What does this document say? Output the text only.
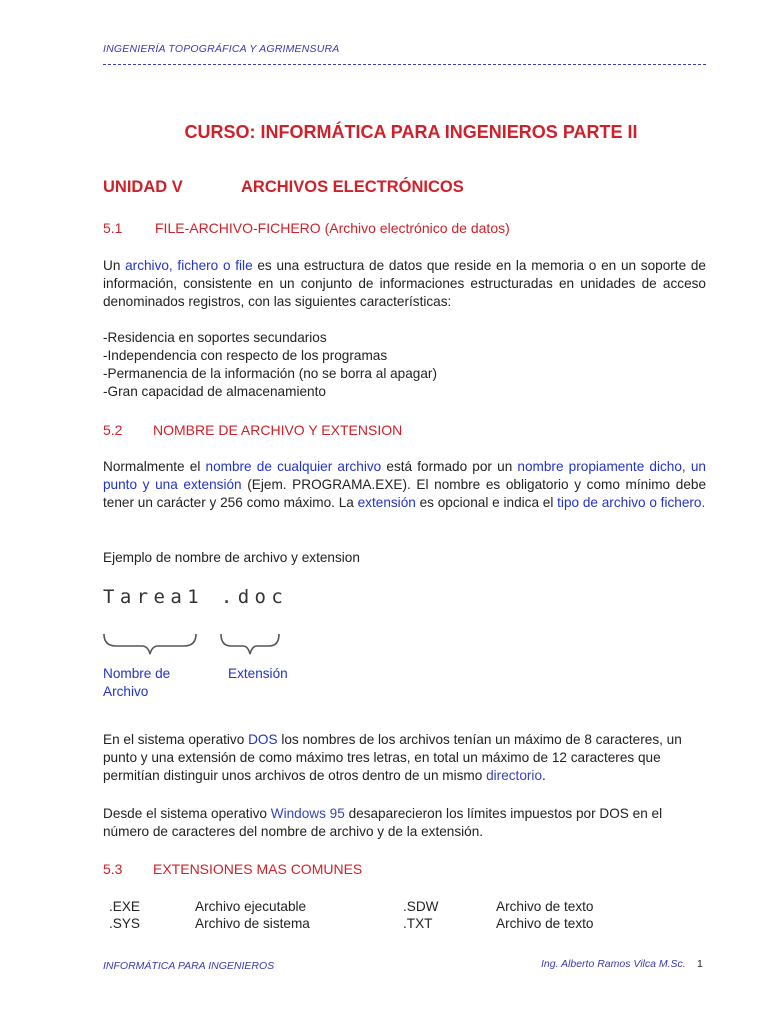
INGENIERÍA TOPOGRÁFICA Y AGRIMENSURA
CURSO: INFORMÁTICA PARA INGENIEROS PARTE II
UNIDAD V	ARCHIVOS ELECTRÓNICOS
5.1 FILE-ARCHIVO-FICHERO (Archivo electrónico de datos)
Un archivo, fichero o file es una estructura de datos que reside en la memoria o en un soporte de información, consistente en un conjunto de informaciones estructuradas en unidades de acceso denominados registros, con las siguientes características:
-Residencia en soportes secundarios
-Independencia con respecto de los programas
-Permanencia de la información (no se borra al apagar)
-Gran capacidad de almacenamiento
5.2 NOMBRE DE ARCHIVO Y EXTENSION
Normalmente el nombre de cualquier archivo está formado por un nombre propiamente dicho, un punto y una extensión (Ejem. PROGRAMA.EXE). El nombre es obligatorio y como mínimo debe tener un carácter y 256 como máximo. La extensión es opcional e indica el tipo de archivo o fichero.
Ejemplo de nombre de archivo y extension
Tarea1 .doc
Nombre de Archivo
Extensión
En el sistema operativo DOS los nombres de los archivos tenían un máximo de 8 caracteres, un punto y una extensión de como máximo tres letras, en total un máximo de 12 caracteres que permitían distinguir unos archivos de otros dentro de un mismo directorio.
Desde el sistema operativo Windows 95 desaparecieron los límites impuestos por DOS en el número de caracteres del nombre de archivo y de la extensión.
5.3 EXTENSIONES MAS COMUNES
.EXE	Archivo ejecutable	.SDW	Archivo de texto
.SYS	Archivo de sistema	.TXT	Archivo de texto
INFORMÁTICA PARA INGENIEROS	Ing. Alberto Ramos Vilca M.Sc. 1
